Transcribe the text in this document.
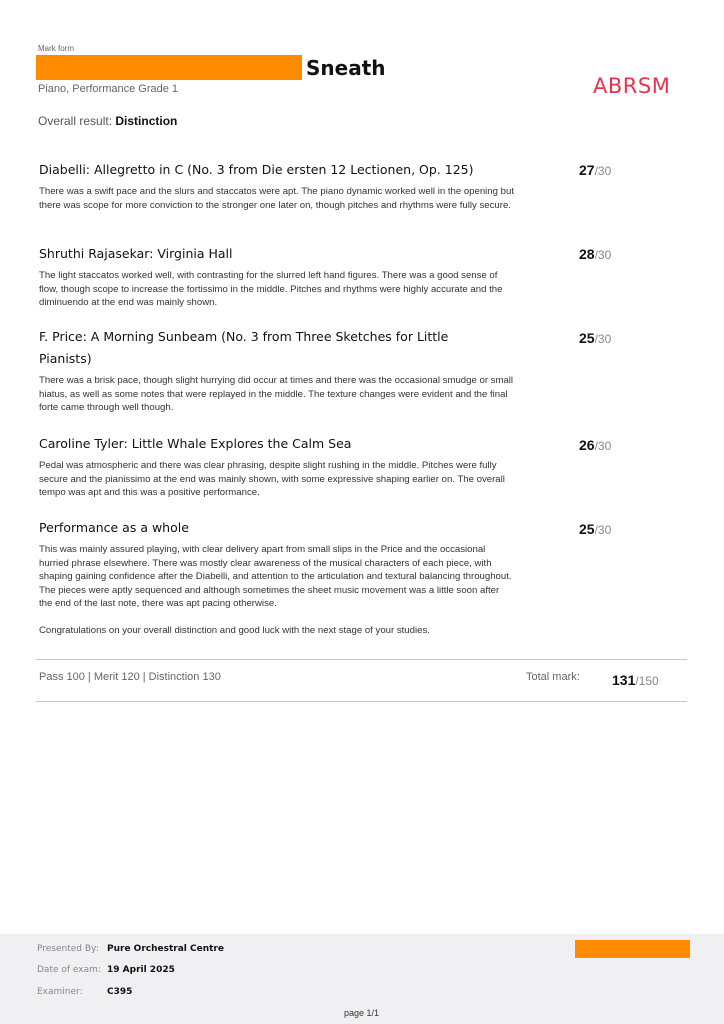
Mark form
Sneath
Piano, Performance Grade 1	ABRSM
Overall result: Distinction
Diabelli: Allegretto in C (No. 3 from Die ersten 12 Lectionen, Op. 125)
There was a swift pace and the slurs and staccatos were apt. The piano dynamic worked well in the opening but there was scope for more conviction to the stronger one later on, though pitches and rhythms were fully secure.
27/30
Shruthi Rajasekar: Virginia Hall
The light staccatos worked well, with contrasting for the slurred left hand figures. There was a good sense of flow, though scope to increase the fortissimo in the middle. Pitches and rhythms were highly accurate and the diminuendo at the end was mainly shown.
28/30
F. Price: A Morning Sunbeam (No. 3 from Three Sketches for Little Pianists)
There was a brisk pace, though slight hurrying did occur at times and there was the occasional smudge or small hiatus, as well as some notes that were replayed in the middle. The texture changes were evident and the final forte came through well though.
25/30
Caroline Tyler: Little Whale Explores the Calm Sea
Pedal was atmospheric and there was clear phrasing, despite slight rushing in the middle. Pitches were fully secure and the pianissimo at the end was mainly shown, with some expressive shaping earlier on. The overall tempo was apt and this was a positive performance.
26/30
Performance as a whole
This was mainly assured playing, with clear delivery apart from small slips in the Price and the occasional hurried phrase elsewhere. There was mostly clear awareness of the musical characters of each piece, with shaping gaining confidence after the Diabelli, and attention to the articulation and textural balancing throughout. The pieces were aptly sequenced and although sometimes the sheet music movement was a little soon after the end of the last note, there was apt pacing otherwise.
Congratulations on your overall distinction and good luck with the next stage of your studies.
25/30
Pass 100 | Merit 120 | Distinction 130	Total mark: 131/150
Presented By: Pure Orchestral Centre
Date of exam: 19 April 2025
Examiner:	C395
page 1/1
